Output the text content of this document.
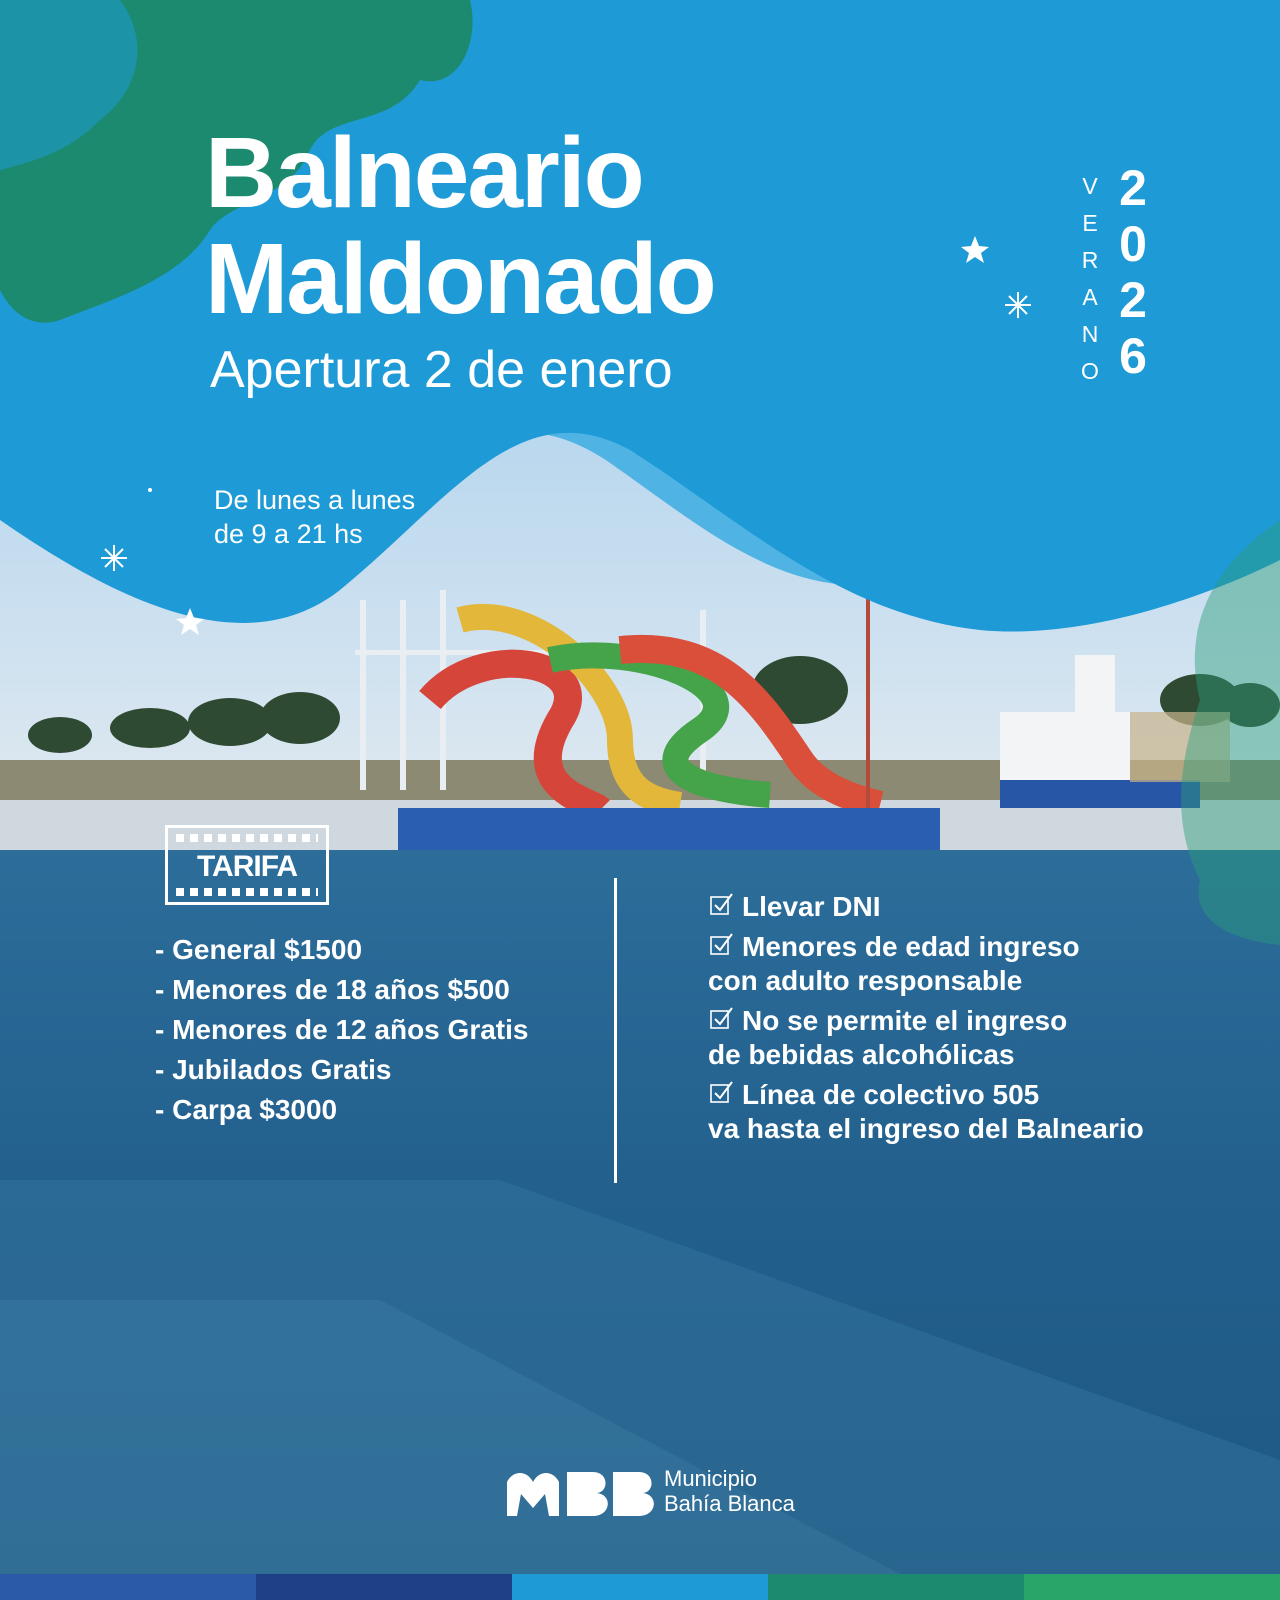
Balneario
Maldonado
Apertura 2 de enero
De lunes a lunes
de 9 a 21 hs
V
E
R
A
N
O
2
0
2
6
TARIFA
- General $1500
- Menores de 18 años $500
- Menores de 12 años Gratis
- Jubilados Gratis
- Carpa $3000
Llevar DNI
Menores de edad ingreso
con adulto responsable
No se permite el ingreso
de bebidas alcohólicas
Línea de colectivo 505
va hasta el ingreso del Balneario
Municipio
Bahía Blanca
